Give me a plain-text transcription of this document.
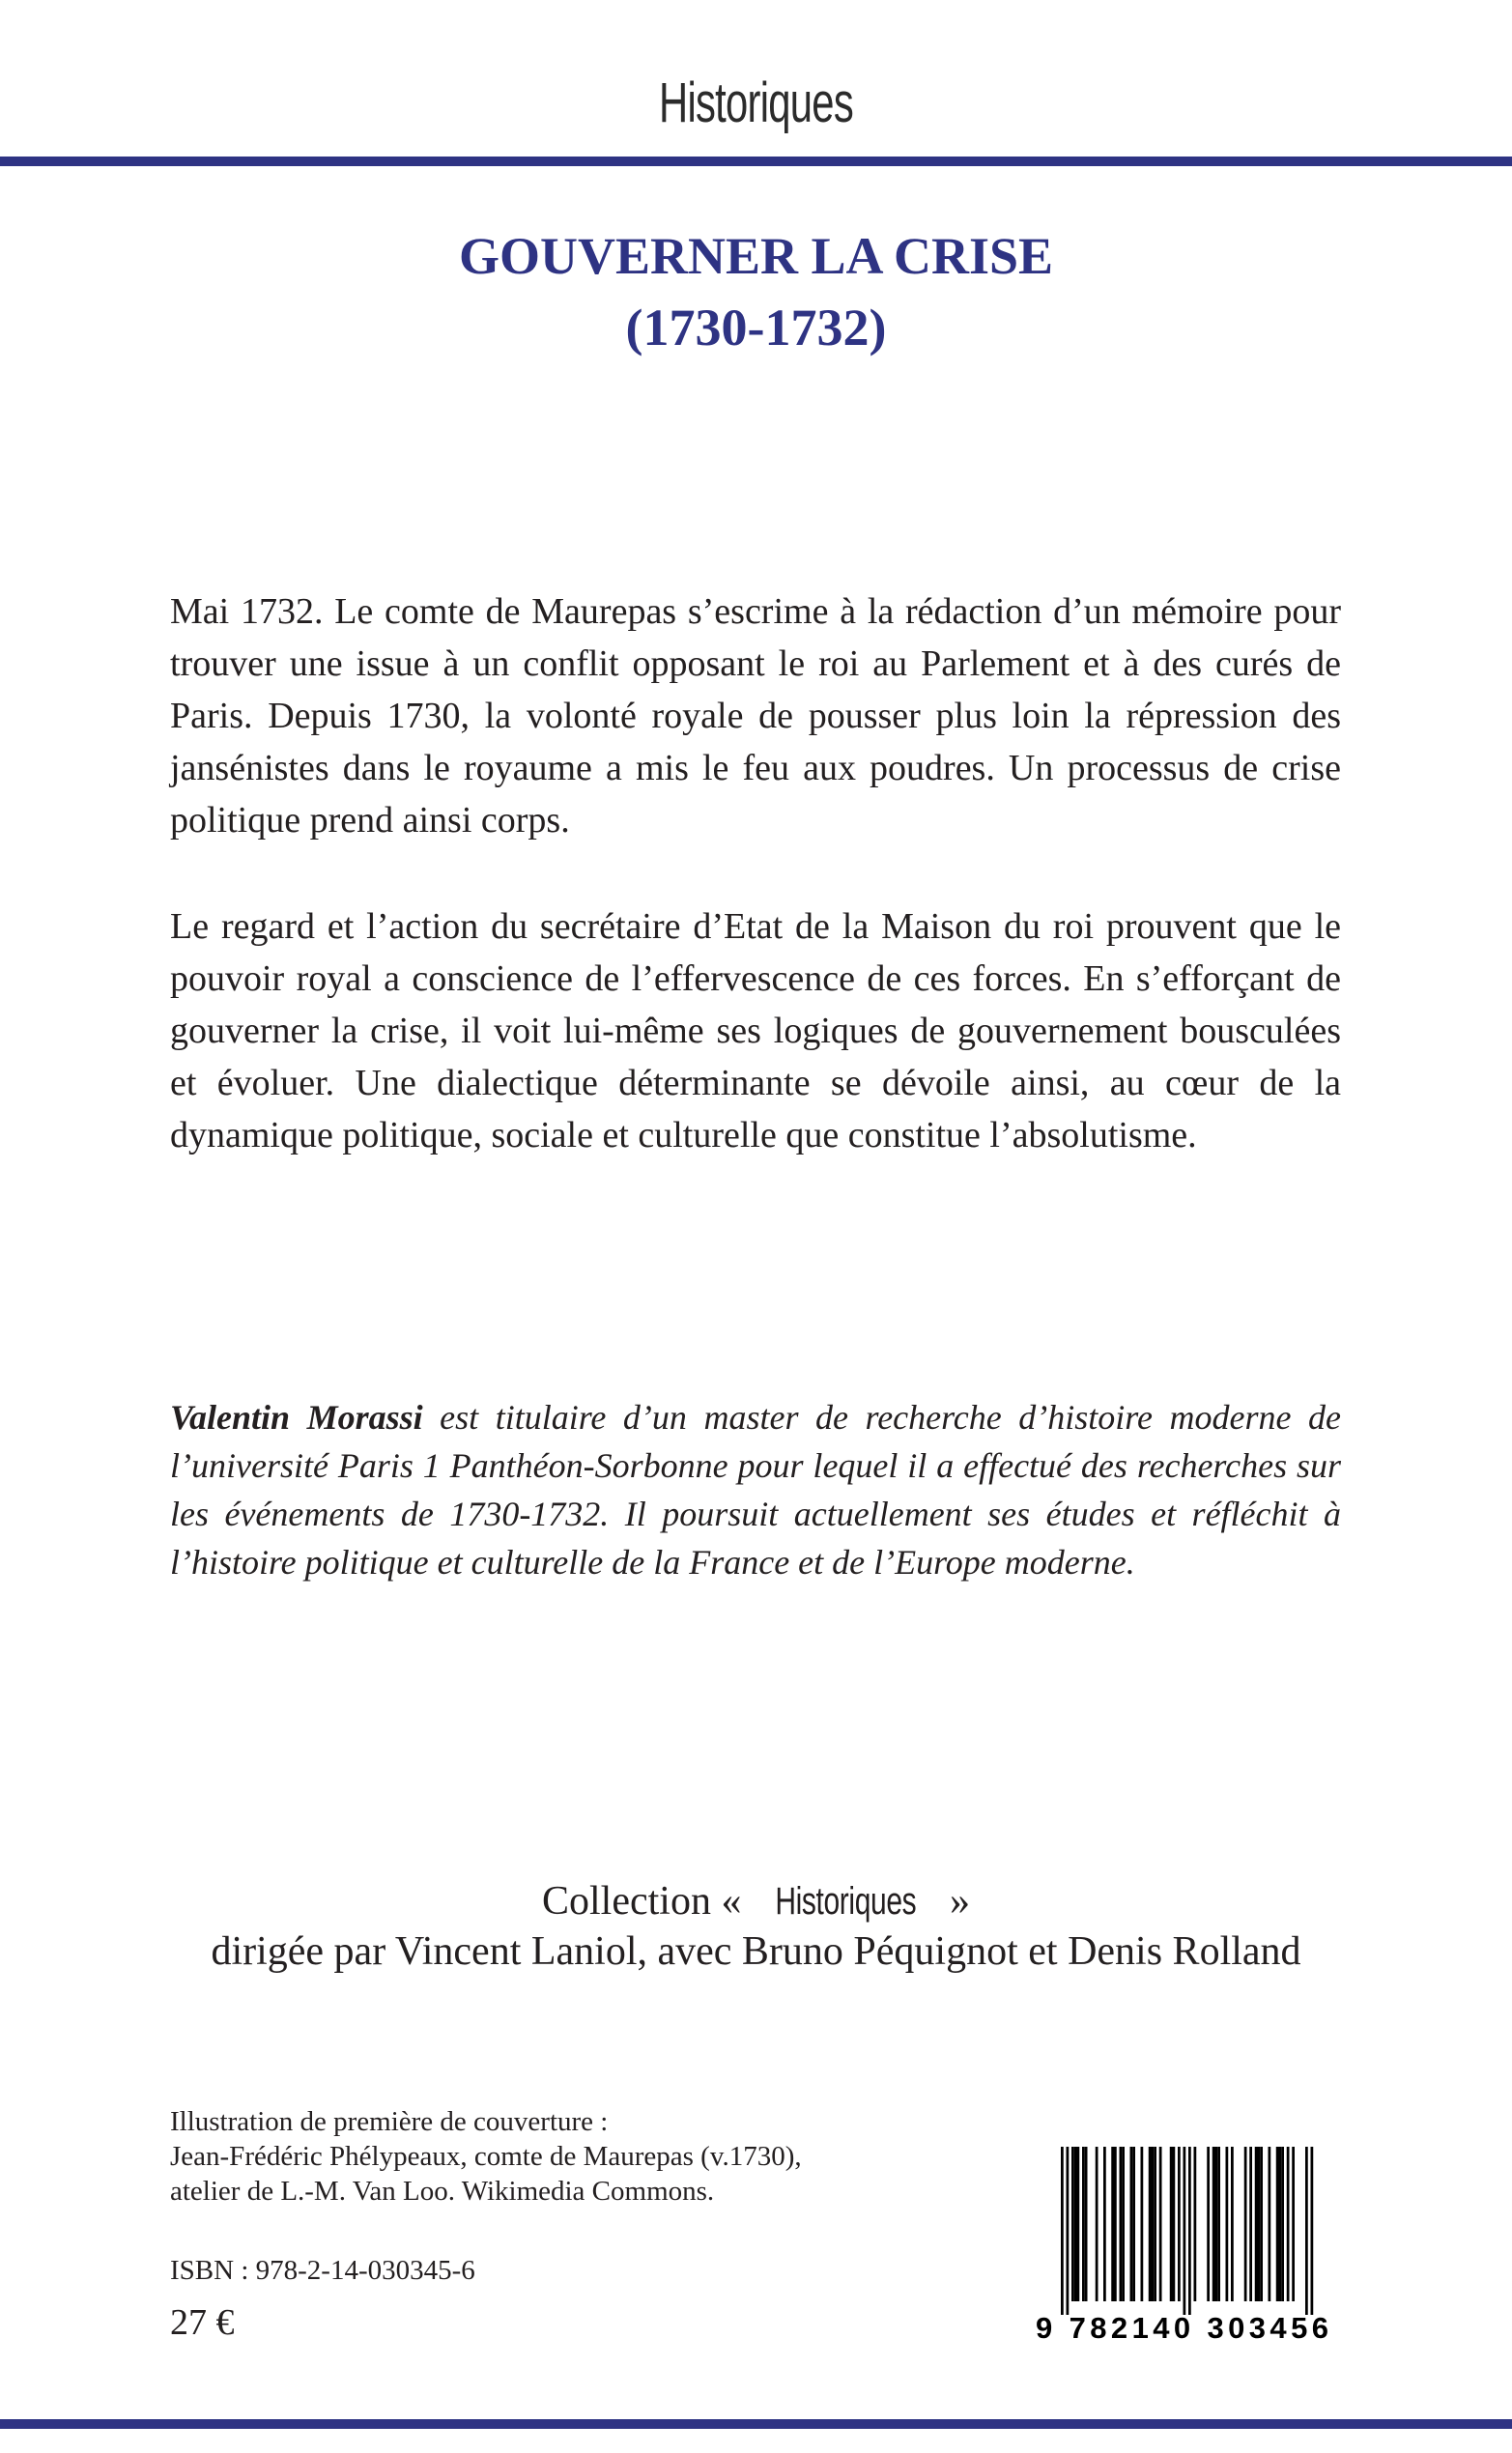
Historiques
GOUVERNER LA CRISE
(1730-1732)

Mai 1732. Le comte de Maurepas s’escrime à la rédaction d’un mémoire pour trouver une issue à un conflit opposant le roi au Parlement et à des curés de Paris. Depuis 1730, la volonté royale de pousser plus loin la répression des jansénistes dans le royaume a mis le feu aux poudres. Un processus de crise politique prend ainsi corps.

Le regard et l’action du secrétaire d’Etat de la Maison du roi prouvent que le pouvoir royal a conscience de l’effervescence de ces forces. En s’efforçant de gouverner la crise, il voit lui-même ses logiques de gouvernement bousculées et évoluer. Une dialectique déterminante se dévoile ainsi, au cœur de la dynamique politique, sociale et culturelle que constitue l’absolutisme.

Valentin Morassi est titulaire d’un master de recherche d’histoire moderne de l’université Paris 1 Panthéon-Sorbonne pour lequel il a effectué des recherches sur les événements de 1730-1732. Il poursuit actuellement ses études et réfléchit à l’histoire politique et culturelle de la France et de l’Europe moderne.

Collection « Historiques »
dirigée par Vincent Laniol, avec Bruno Péquignot et Denis Rolland
Illustration de première de couverture :
Jean-Frédéric Phélypeaux, comte de Maurepas (v.1730),
atelier de L.-M. Van Loo. Wikimedia Commons.
ISBN : 978-2-14-030345-6
27 €	9 782140 303456
